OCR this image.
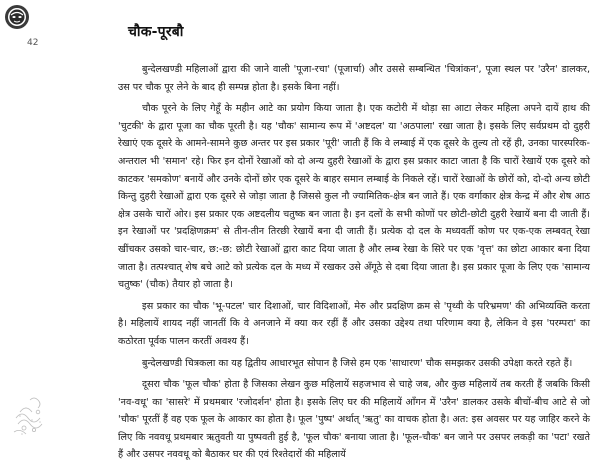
42
चौक-पूरबौ

बुन्देलखण्डी महिलाओं द्वारा की जाने वाली 'पूजा-रचा' (पूजार्चा) और उससे सम्बन्धित 'चित्रांकन', पूजा स्थल पर 'उरैन' डालकर, उस पर चौक पूर लेने के बाद ही सम्पन्न होता है। इसके बिना नहीं।

चौक पूरने के लिए गेहूँ के महीन आटे का प्रयोग किया जाता है। एक कटोरी में थोड़ा सा आटा लेकर महिला अपने दायें हाथ की 'चुटकी' के द्वारा पूजा का चौक पूरती है। यह 'चौक' सामान्य रूप में 'अष्टदल' या 'अठपाला' रखा जाता है। इसके लिए सर्वप्रथम दो दुहरी रेखाएं एक दूसरे के आमने-सामने कुछ अन्तर पर इस प्रकार 'पूरी' जाती हैं कि वे लम्बाई में एक दूसरे के तुल्य तो रहें ही, उनका पारस्परिक-अन्तराल भी 'समान' रहे। फिर इन दोनों रेखाओं को दो अन्य दुहरी रेखाओं के द्वारा इस प्रकार काटा जाता है कि चारों रेखायें एक दूसरे को काटकर 'समकोण' बनायें और उनके दोनों छोर एक दूसरे के बाहर समान लम्बाई के निकले रहें। चारों रेखाओं के छोरों को, दो-दो अन्य छोटी किन्तु दुहरी रेखाओं द्वारा एक दूसरे से जोड़ा जाता है जिससे कुल नौ ज्यामितिक-क्षेत्र बन जाते हैं। एक वर्गाकार क्षेत्र केन्द्र में और शेष आठ क्षेत्र उसके चारों ओर। इस प्रकार एक अष्टदलीय चतुष्क बन जाता है। इन दलों के सभी कोणों पर छोटी-छोटी दुहरी रेखायें बना दी जाती हैं। इन रेखाओं पर 'प्रदक्षिणक्रम' से तीन-तीन तिरछी रेखायें बना दी जाती हैं। प्रत्येक दो दल के मध्यवर्ती कोण पर एक-एक लम्बवत् रेखा खींचकर उसको चार-चार, छ:-छ: छोटी रेखाओं द्वारा काट दिया जाता है और लम्ब रेखा के सिरे पर एक 'वृत्त' का छोटा आकार बना दिया जाता है। तत्पश्चात् शेष बचे आटे को प्रत्येक दल के मध्य में रखकर उसे अँगूठे से दबा दिया जाता है। इस प्रकार पूजा के लिए एक 'सामान्य चतुष्क' (चौक) तैयार हो जाता है।

इस प्रकार का चौक 'भू-पटल' चार दिशाओं, चार विदिशाओं, मेरु और प्रदक्षिण क्रम से 'पृथ्वी के परिभ्रमण' की अभिव्यक्ति करता है। महिलायें शायद नहीं जानतीं कि वे अनजाने में क्या कर रहीं हैं और उसका उद्देश्य तथा परिणाम क्या है, लेकिन वे इस 'परम्परा' का कठोरता पूर्वक पालन करतीं अवश्य हैं।

बुन्देलखण्डी चित्रकला का यह द्वितीय आधारभूत सोपान है जिसे हम एक 'साधारण' चौक समझकर उसकी उपेक्षा करते रहते हैं।

दूसरा चौक 'फूल चौक' होता है जिसका लेखन कुछ महिलायें सहजभाव से चाहे जब, और कुछ महिलायें तब करती हैं जबकि किसी 'नव-वधू' का 'सासरे' में प्रथमबार 'रजोदर्शन' होता है। इसके लिए घर की महिलायें आँगन में 'उरैन' डालकर उसके बीचों-बीच आटे से जो 'चौक' पूरतीं हैं वह एक फूल के आकार का होता है। फूल 'पुष्प' अर्थात् 'ऋतु' का वाचक होता है। अत: इस अवसर पर यह जाहिर करने के लिए कि नववधू प्रथमबार ऋतुवती या पुष्पवती हुई है, 'फूल चौक' बनाया जाता है। 'फूल-चौक' बन जाने पर उसपर लकड़ी का 'पटा' रखते हैं और उसपर नववधू को बैठाकर घर की एवं रिश्तेदारों की महिलायें
